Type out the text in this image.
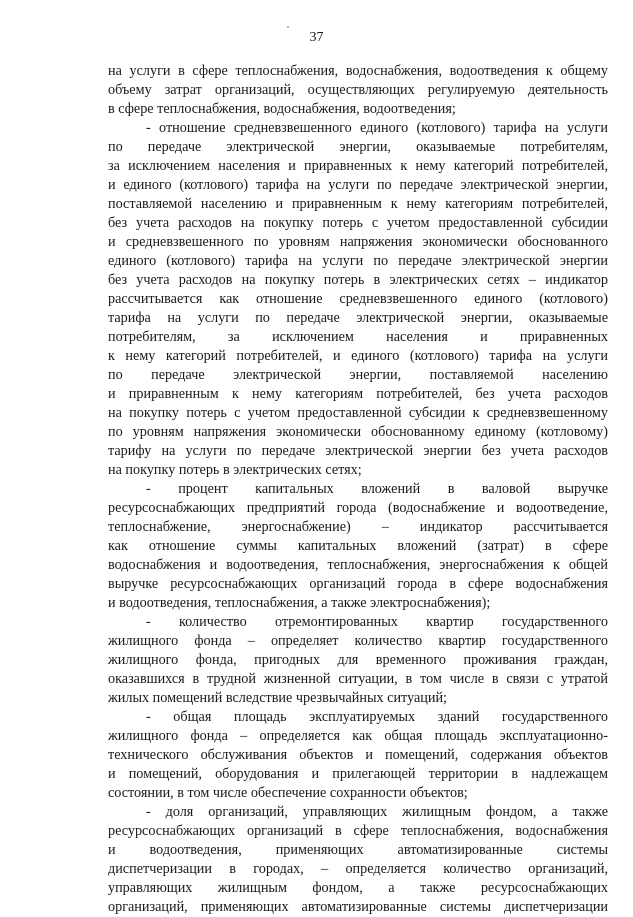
37
на услуги в сфере теплоснабжения, водоснабжения, водоотведения к общему
объему затрат организаций, осуществляющих регулируемую деятельность
в сфере теплоснабжения, водоснабжения, водоотведения;
- отношение средневзвешенного единого (котлового) тарифа на услуги
по передаче электрической энергии, оказываемые потребителям,
за исключением населения и приравненных к нему категорий потребителей,
и единого (котлового) тарифа на услуги по передаче электрической энергии,
поставляемой населению и приравненным к нему категориям потребителей,
без учета расходов на покупку потерь с учетом предоставленной субсидии
и средневзвешенного по уровням напряжения экономически обоснованного
единого (котлового) тарифа на услуги по передаче электрической энергии
без учета расходов на покупку потерь в электрических сетях – индикатор
рассчитывается как отношение средневзвешенного единого (котлового)
тарифа на услуги по передаче электрической энергии, оказываемые
потребителям, за исключением населения и приравненных
к нему категорий потребителей, и единого (котлового) тарифа на услуги
по передаче электрической энергии, поставляемой населению
и приравненным к нему категориям потребителей, без учета расходов
на покупку потерь с учетом предоставленной субсидии к средневзвешенному
по уровням напряжения экономически обоснованному единому (котловому)
тарифу на услуги по передаче электрической энергии без учета расходов
на покупку потерь в электрических сетях;
- процент капитальных вложений в валовой выручке
ресурсоснабжающих предприятий города (водоснабжение и водоотведение,
теплоснабжение, энергоснабжение) – индикатор рассчитывается
как отношение суммы капитальных вложений (затрат) в сфере
водоснабжения и водоотведения, теплоснабжения, энергоснабжения к общей
выручке ресурсоснабжающих организаций города в сфере водоснабжения
и водоотведения, теплоснабжения, а также электроснабжения);
- количество отремонтированных квартир государственного
жилищного фонда – определяет количество квартир государственного
жилищного фонда, пригодных для временного проживания граждан,
оказавшихся в трудной жизненной ситуации, в том числе в связи с утратой
жилых помещений вследствие чрезвычайных ситуаций;
- общая площадь эксплуатируемых зданий государственного
жилищного фонда – определяется как общая площадь эксплуатационно-
технического обслуживания объектов и помещений, содержания объектов
и помещений, оборудования и прилегающей территории в надлежащем
состоянии, в том числе обеспечение сохранности объектов;
- доля организаций, управляющих жилищным фондом, а также
ресурсоснабжающих организаций в сфере теплоснабжения, водоснабжения
и водоотведения, применяющих автоматизированные системы
диспетчеризации в городах, – определяется количество организаций,
управляющих жилищным фондом, а также ресурсоснабжающих
организаций, применяющих автоматизированные системы диспетчеризации
